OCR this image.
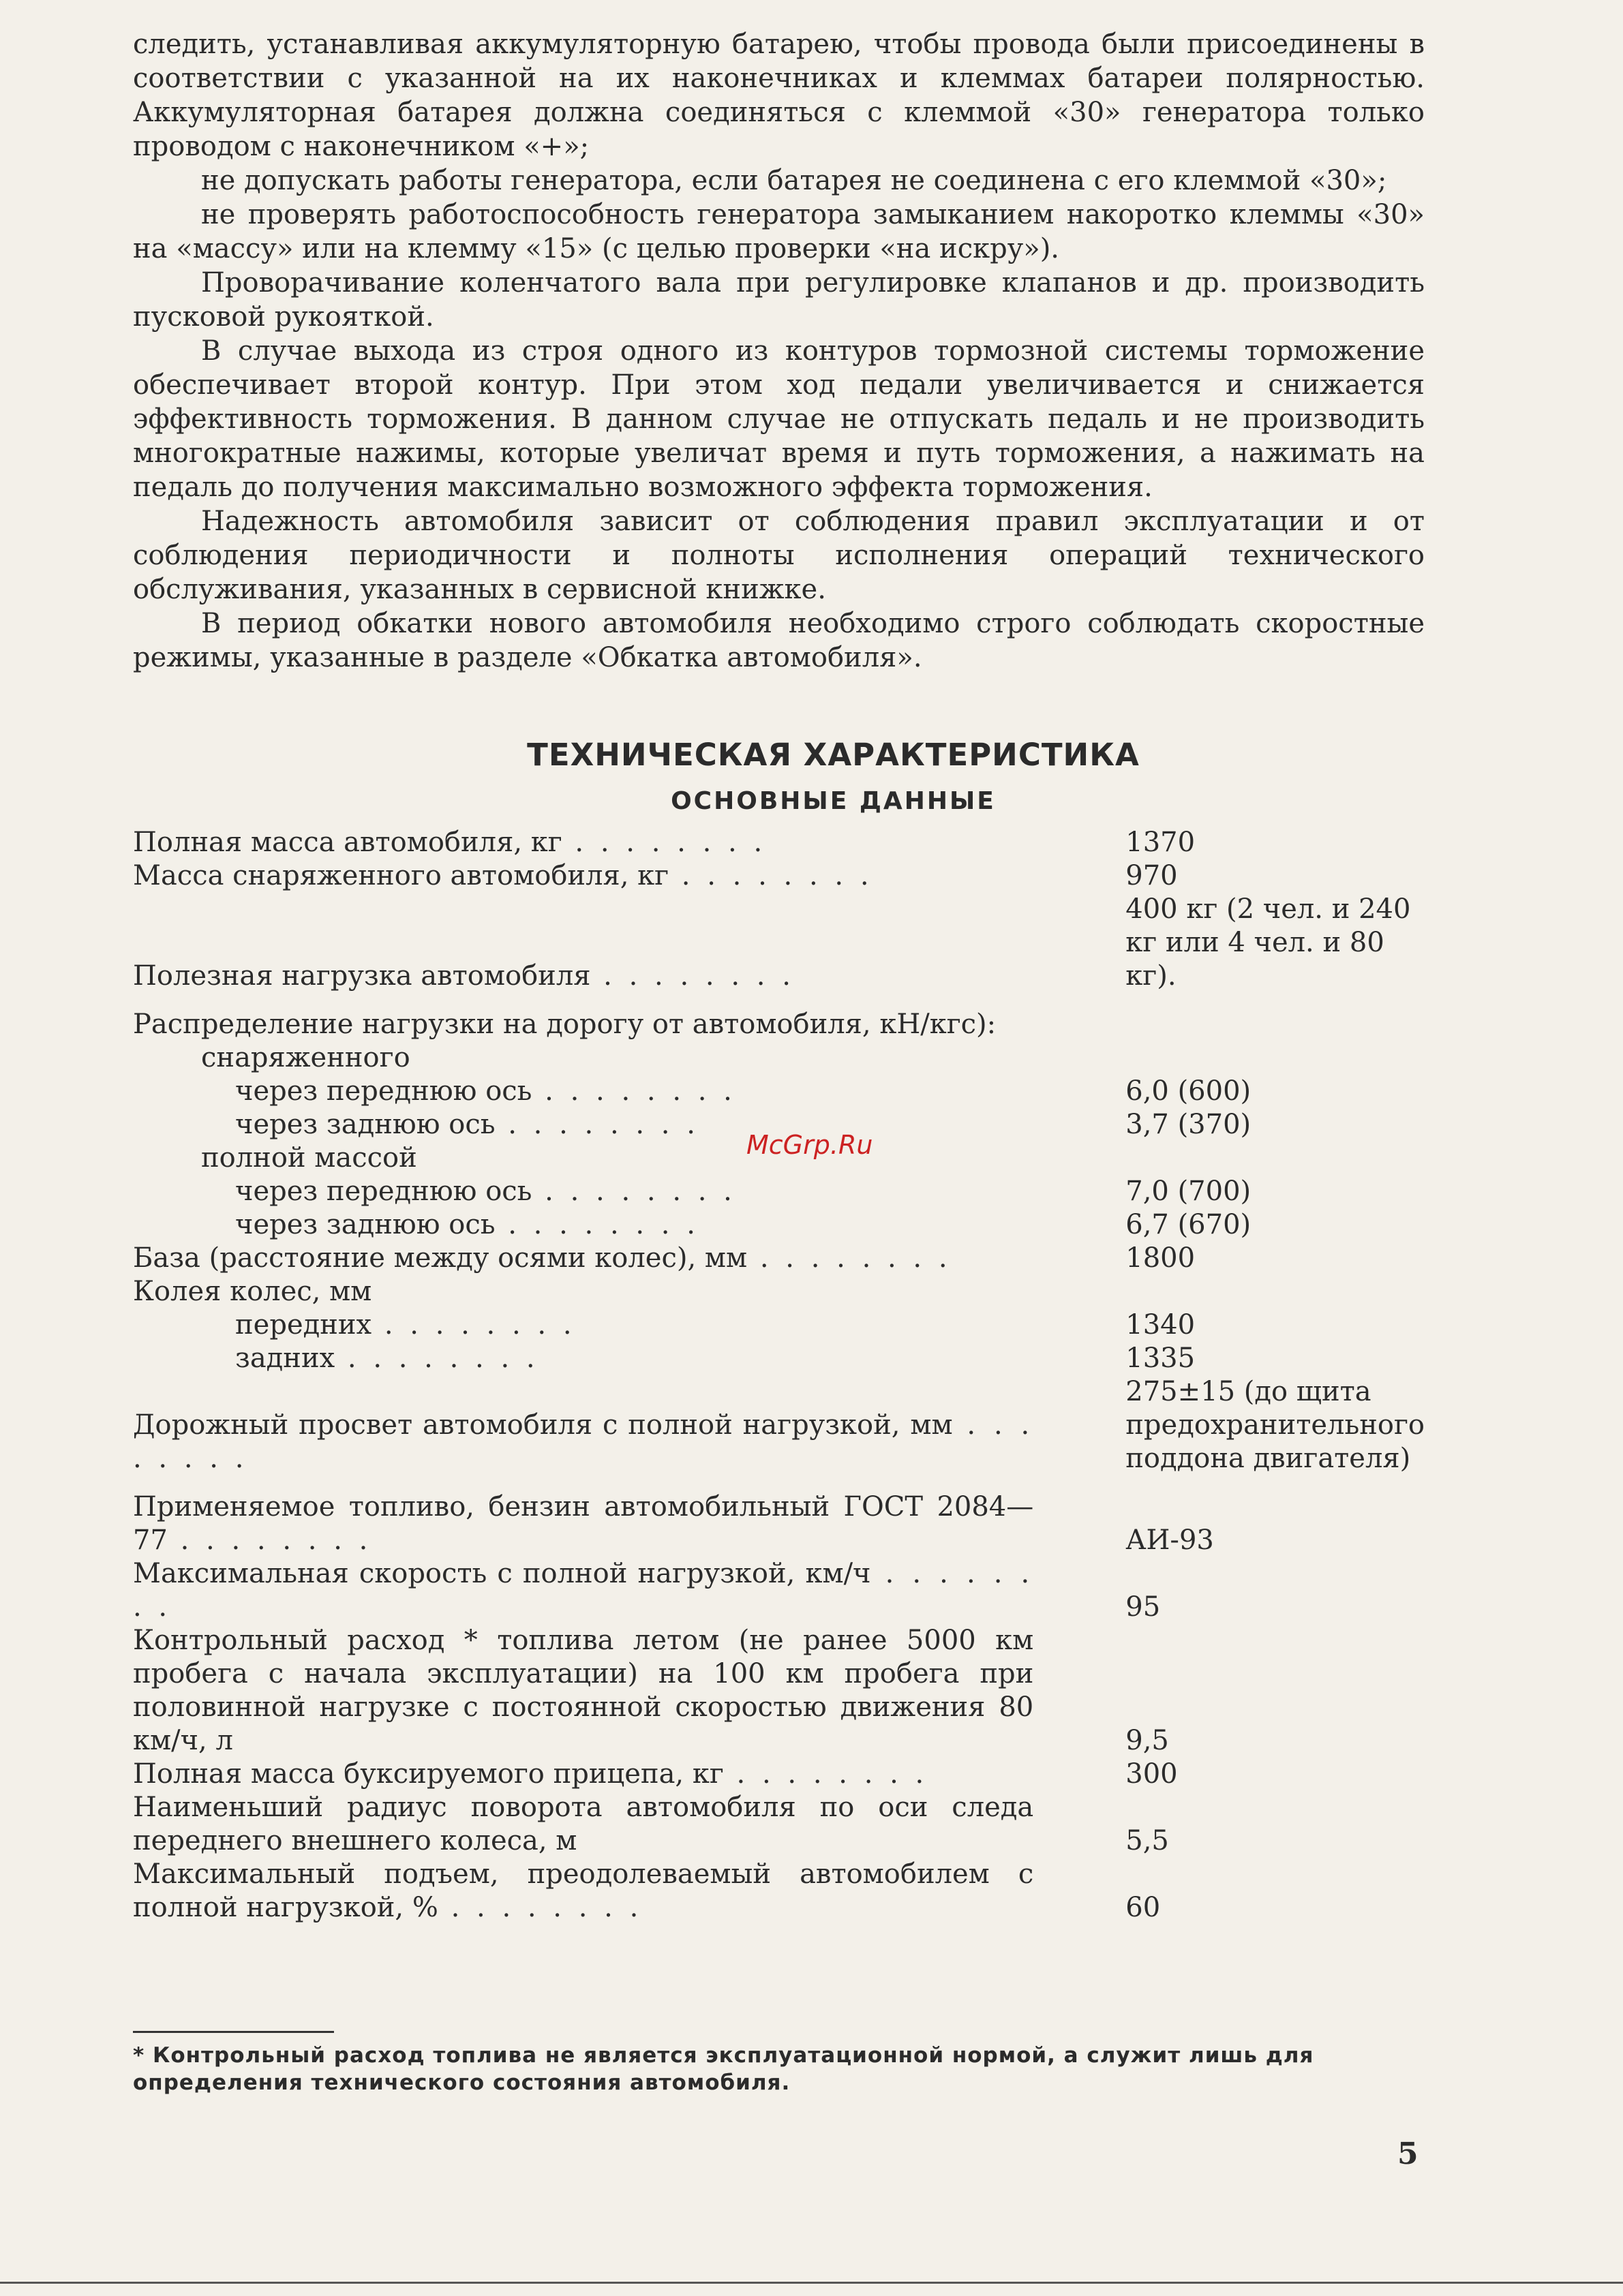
следить, устанавливая аккумуляторную батарею, чтобы провода были присоединены в соответствии с указанной на их наконечниках и клеммах батареи полярностью. Аккумуляторная батарея должна соединяться с клеммой «30» генератора только проводом с наконечником «+»;

не допускать работы генератора, если батарея не соединена с его клеммой «30»;

не проверять работоспособность генератора замыканием накоротко клеммы «30» на «массу» или на клемму «15» (с целью проверки «на искру»).

Проворачивание коленчатого вала при регулировке клапанов и др. производить пусковой рукояткой.

В случае выхода из строя одного из контуров тормозной системы торможение обеспечивает второй контур. При этом ход педали увеличивается и снижается эффективность торможения. В данном случае не отпускать педаль и не производить многократные нажимы, которые увеличат время и путь торможения, а нажимать на педаль до получения максимально возможного эффекта торможения.

Надежность автомобиля зависит от соблюдения правил эксплуатации и от соблюдения периодичности и полноты исполнения операций технического обслуживания, указанных в сервисной книжке.

В период обкатки нового автомобиля необходимо строго соблюдать скоростные режимы, указанные в разделе «Обкатка автомобиля».

ТЕХНИЧЕСКАЯ ХАРАКТЕРИСТИКА
ОСНОВНЫЕ ДАННЫЕ
Полная масса автомобиля, кг . .	1370
Масса снаряженного автомобиля, кг . .	970
Полезная нагрузка автомобиля . .	400 кг (2 чел. и 240 кг или 4 чел. и 80 кг).
Распределение нагрузки на дорогу от автомобиля, кН/кгс):	
снаряженного	
через переднюю ось . .	6,0 (600)
через заднюю ось . .	3,7 (370)
полной массой	
через переднюю ось . .	7,0 (700)
через заднюю ось . .	6,7 (670)
База (расстояние между осями колес), мм . .	1800
Колея колес, мм	
передних . .	1340
задних . .	1335
Дорожный просвет автомобиля с полной нагрузкой, мм . .	275±15 (до щита предохранительного поддона двигателя)
Применяемое топливо, бензин автомобильный ГОСТ 2084—77 . .	АИ-93
Максимальная скорость с полной нагрузкой, км/ч . .	95
Контрольный расход * топлива летом (не ранее 5000 км пробега с начала эксплуатации) на 100 км пробега при половинной нагрузке с постоянной скоростью движения 80 км/ч, л	9,5
Полная масса буксируемого прицепа, кг . .	300
Наименьший радиус поворота автомобиля по оси следа переднего внешнего колеса, м	5,5
Максимальный подъем, преодолеваемый автомобилем с полной нагрузкой, % . .	60
McGrp.Ru
* Контрольный расход топлива не является эксплуатационной нормой, а служит лишь для определения технического состояния автомобиля.
5
